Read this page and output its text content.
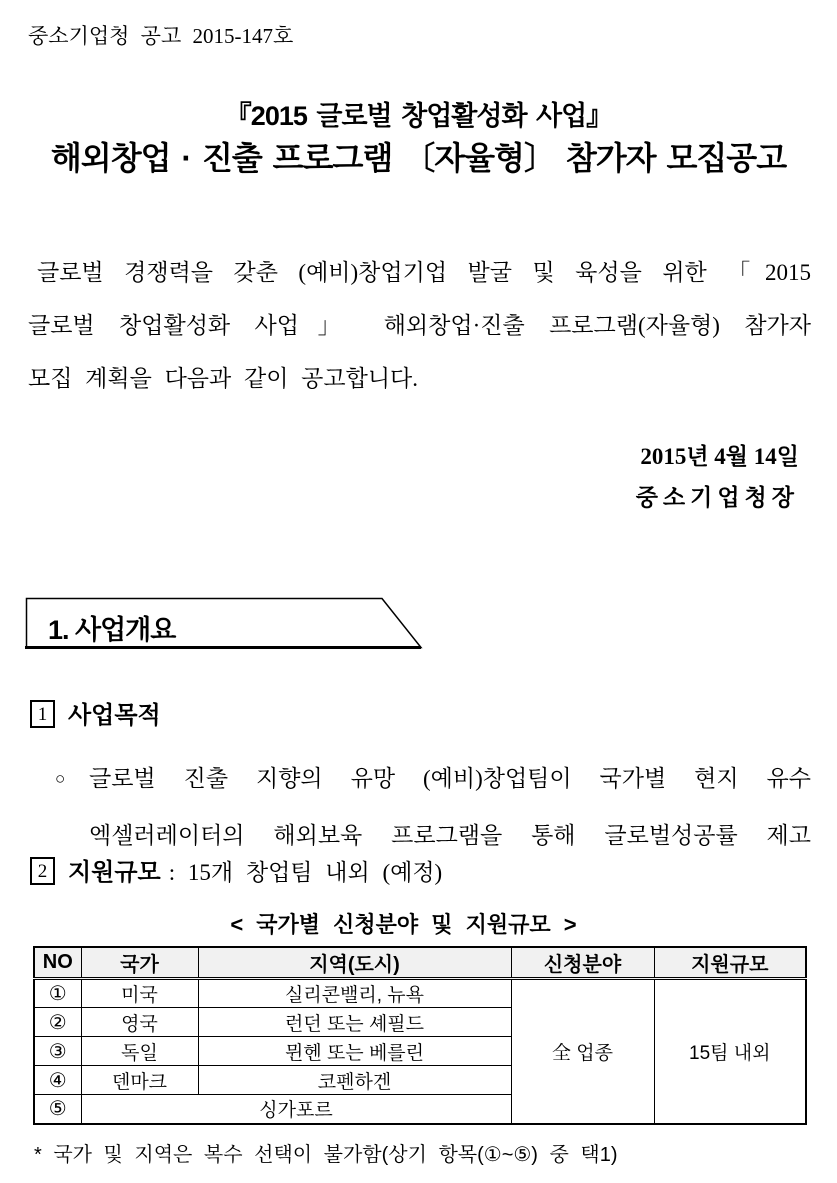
중소기업청 공고 2015-147호
『2015 글로벌 창업활성화 사업』
해외창업 · 진출 프로그램 〔자율형〕 참가자 모집공고
글로벌 경쟁력을 갖춘 (예비)창업기업 발굴 및 육성을 위한 「2015
글로벌 창업활성화 사업」 해외창업·진출 프로그램(자율형) 참가자
모집 계획을 다음과 같이 공고합니다.
2015년 4월 14일
중소기업청장
1. 사업개요
1 사업목적
○ 글로벌 진출 지향의 유망 (예비)창업팀이 국가별 현지 유수
엑셀러레이터의 해외보육 프로그램을 통해 글로벌성공률 제고
2 지원규모 : 15개 창업팀 내외 (예정)
< 국가별 신청분야 및 지원규모 >
NO	국가	지역(도시)	신청분야	지원규모
①	미국	실리콘밸리, 뉴욕	全 업종	15팀 내외
②	영국	런던 또는 셰필드		
③	독일	뮌헨 또는 베를린		
④	덴마크	코펜하겐		
⑤	싱가포르			
* 국가 및 지역은 복수 선택이 불가함(상기 항목(①~⑤) 중 택1)
